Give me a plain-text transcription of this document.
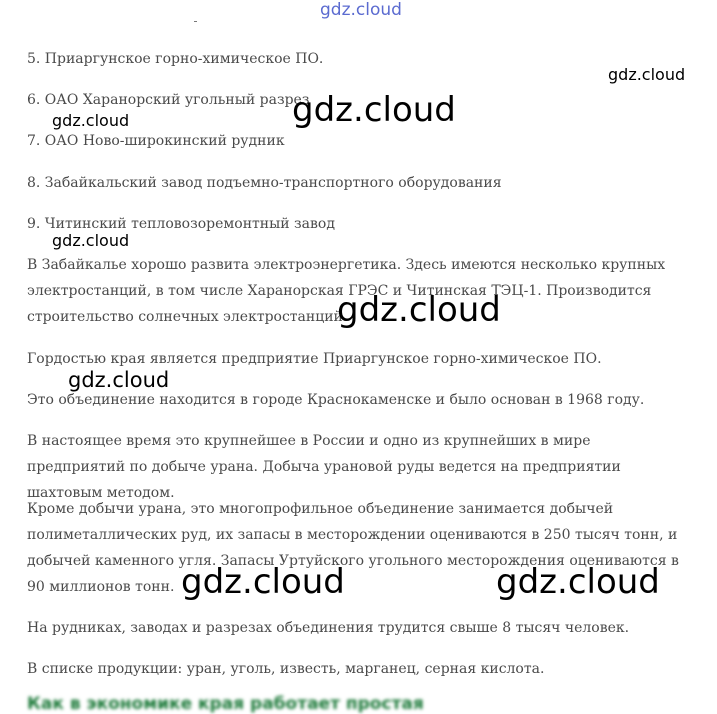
5. Приаргунское горно-химическое ПО.

6. ОАО Харанорский угольный разрез

7. ОАО Ново-широкинский рудник

8. Забайкальский завод подъемно-транспортного оборудования

9. Читинский тепловозоремонтный завод

В Забайкалье хорошо развита электроэнергетика. Здесь имеются несколько крупных электростанций, в том числе Харанорская ГРЭС и Читинская ТЭЦ-1. Производится строительство солнечных электростанций.

Гордостью края является предприятие Приаргунское горно-химическое ПО.

Это объединение находится в городе Краснокаменске и было основан в 1968 году.

В настоящее время это крупнейшее в России и одно из крупнейших в мире предприятий по добыче урана. Добыча урановой руды ведется на предприятии шахтовым методом.

Кроме добычи урана, это многопрофильное объединение занимается добычей полиметаллических руд, их запасы в месторождении оцениваются в 250 тысяч тонн, и добычей каменного угля. Запасы Уртуйского угольного месторождения оцениваются в 90 миллионов тонн.

На рудниках, заводах и разрезах объединения трудится свыше 8 тысяч человек.

В списке продукции: уран, уголь, известь, марганец, серная кислота.

Как в экономике края работает простая
gdz.cloud
gdz.cloud
gdz.cloud
gdz.cloud
gdz.cloud
gdz.cloud
gdz.cloud
gdz.cloud	gdz.cloud
